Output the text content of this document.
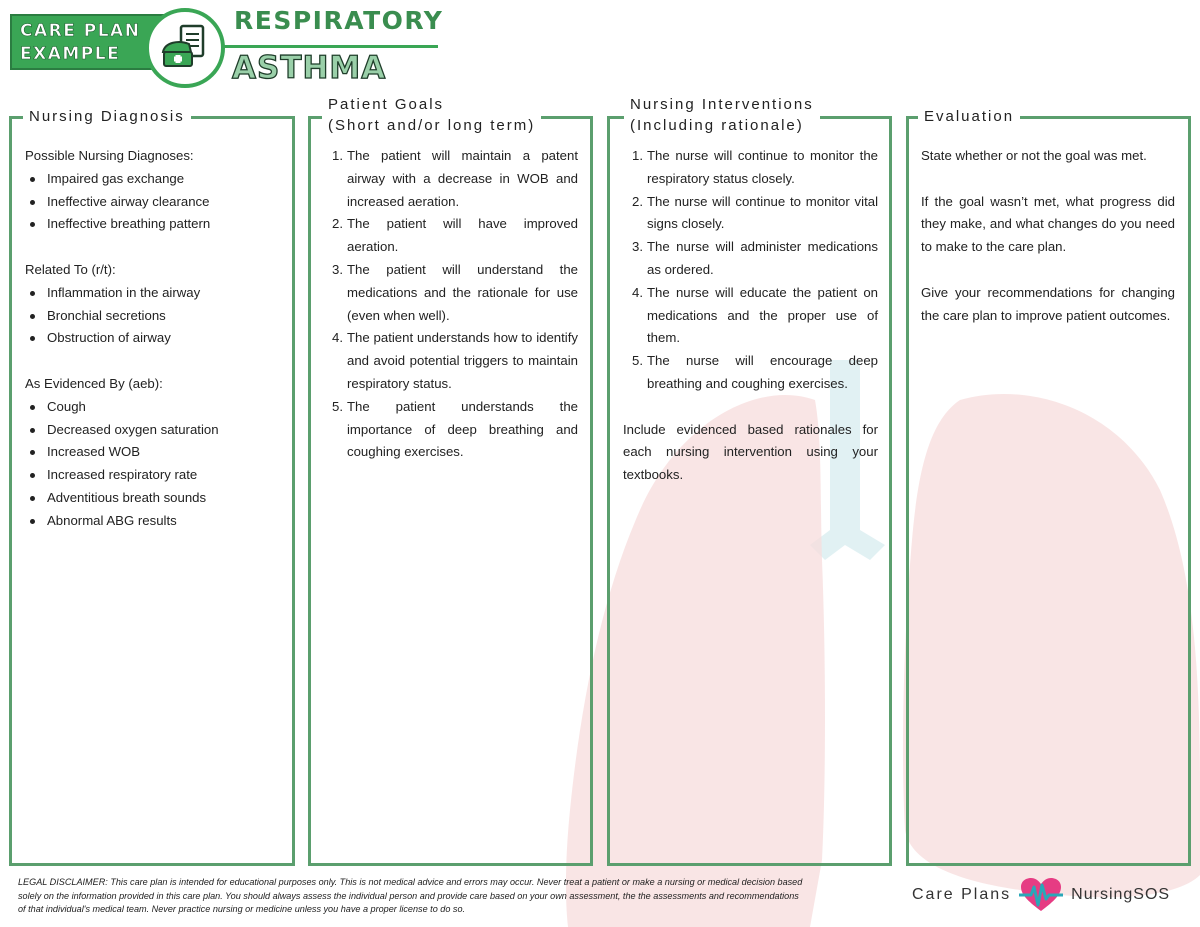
CARE PLAN
EXAMPLE
RESPIRATORY
ASTHMA
Nursing Diagnosis
Possible Nursing Diagnoses:
Impaired gas exchange
Ineffective airway clearance
Ineffective breathing pattern
Related To (r/t):
Inflammation in the airway
Bronchial secretions
Obstruction of airway
As Evidenced By (aeb):
Cough
Decreased oxygen saturation
Increased WOB
Increased respiratory rate
Adventitious breath sounds
Abnormal ABG results
Patient Goals
(Short and/or long term)
1. The patient will maintain a patent airway with a decrease in WOB and increased aeration.
2. The patient will have improved aeration.
3. The patient will understand the medications and the rationale for use (even when well).
4. The patient understands how to identify and avoid potential triggers to maintain respiratory status.
5. The patient understands the importance of deep breathing and coughing exercises.
Nursing Interventions
(Including rationale)
1. The nurse will continue to monitor the respiratory status closely.
2. The nurse will continue to monitor vital signs closely.
3. The nurse will administer medications as ordered.
4. The nurse will educate the patient on medications and the proper use of them.
5. The nurse will encourage deep breathing and coughing exercises.

Include evidenced based rationales for each nursing intervention using your textbooks.

Evaluation

State whether or not the goal was met.

If the goal wasn’t met, what progress did they make, and what changes do you need to make to the care plan.

Give your recommendations for changing the care plan to improve patient outcomes.

LEGAL DISCLAIMER: This care plan is intended for educational purposes only. This is not medical advice and errors may occur. Never treat a patient or make a nursing or medical decision based solely on the information provided in this care plan. You should always assess the individual person and provide care based on your own assessment, the the assessments and recommendations of that individual's medical team. Never practice nursing or medicine unless you have a proper license to do so.
Care Plans	NursingSOS
